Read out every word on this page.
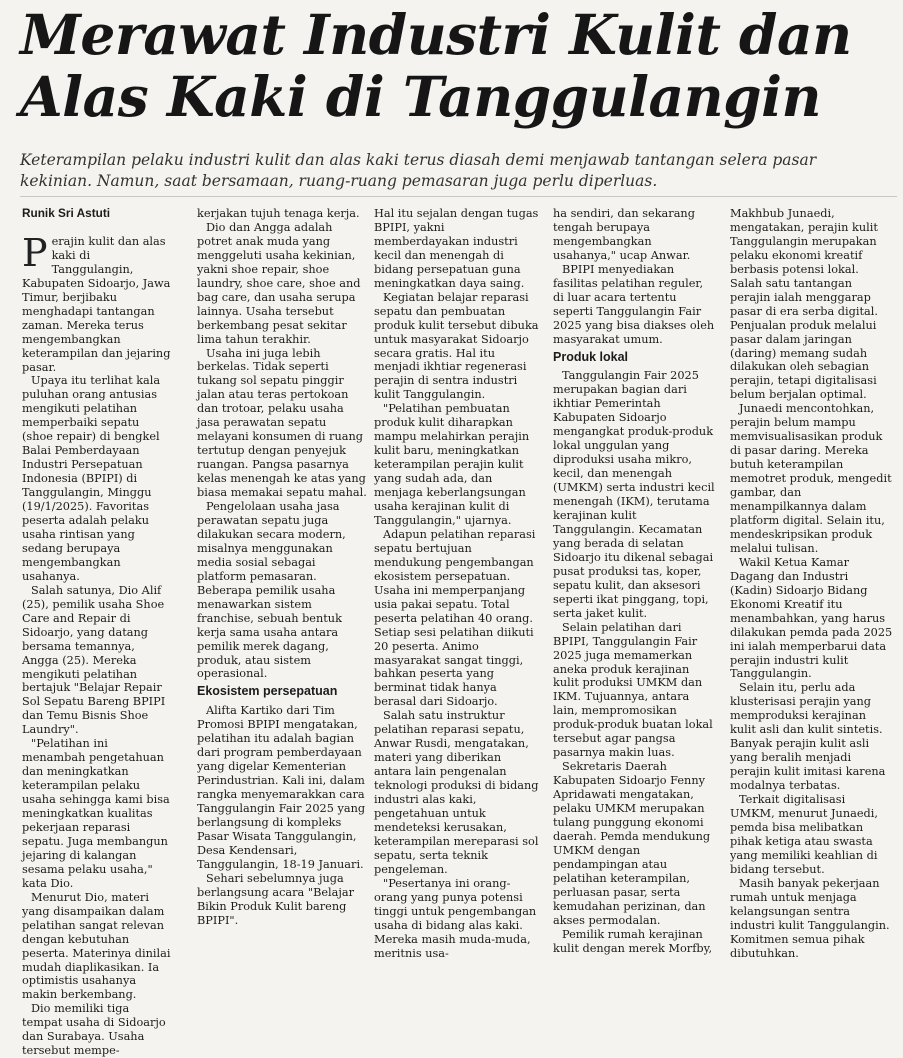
Merawat Industri Kulit dan
Alas Kaki di Tanggulangin

Keterampilan pelaku industri kulit dan alas kaki terus diasah demi menjawab tantangan selera pasar kekinian. Namun, saat bersamaan, ruang-ruang pemasaran juga perlu diperluas.

Runik Sri Astuti

Perajin kulit dan alas kaki di Tanggulangin, Kabupaten Sidoarjo, Jawa Timur, berjibaku menghadapi tantangan zaman. Mereka terus mengembangkan keterampilan dan jejaring pasar.

Upaya itu terlihat kala puluhan orang antusias mengikuti pelatihan memperbaiki sepatu (shoe repair) di bengkel Balai Pemberdayaan Industri Persepatuan Indonesia (BPIPI) di Tanggulangin, Minggu (19/1/2025). Favoritas peserta adalah pelaku usaha rintisan yang sedang berupaya mengembangkan usahanya.

Salah satunya, Dio Alif (25), pemilik usaha Shoe Care and Repair di Sidoarjo, yang datang bersama temannya, Angga (25). Mereka mengikuti pelatihan bertajuk "Belajar Repair Sol Sepatu Bareng BPIPI dan Temu Bisnis Shoe Laundry".

"Pelatihan ini menambah pengetahuan dan meningkatkan keterampilan pelaku usaha sehingga kami bisa meningkatkan kualitas pekerjaan reparasi sepatu. Juga membangun jejaring di kalangan sesama pelaku usaha," kata Dio.

Menurut Dio, materi yang disampaikan dalam pelatihan sangat relevan dengan kebutuhan peserta. Materinya dinilai mudah diaplikasikan. Ia optimistis usahanya makin berkembang.

Dio memiliki tiga tempat usaha di Sidoarjo dan Surabaya. Usaha tersebut mempe-

kerjakan tujuh tenaga kerja.

Dio dan Angga adalah potret anak muda yang menggeluti usaha kekinian, yakni shoe repair, shoe laundry, shoe care, shoe and bag care, dan usaha serupa lainnya. Usaha tersebut berkembang pesat sekitar lima tahun terakhir.

Usaha ini juga lebih berkelas. Tidak seperti tukang sol sepatu pinggir jalan atau teras pertokoan dan trotoar, pelaku usaha jasa perawatan sepatu melayani konsumen di ruang tertutup dengan penyejuk ruangan. Pangsa pasarnya kelas menengah ke atas yang biasa memakai sepatu mahal.

Pengelolaan usaha jasa perawatan sepatu juga dilakukan secara modern, misalnya menggunakan media sosial sebagai platform pemasaran. Beberapa pemilik usaha menawarkan sistem franchise, sebuah bentuk kerja sama usaha antara pemilik merek dagang, produk, atau sistem operasional.

Ekosistem persepatuan

Alifta Kartiko dari Tim Promosi BPIPI mengatakan, pelatihan itu adalah bagian dari program pemberdayaan yang digelar Kementerian Perindustrian. Kali ini, dalam rangka menyemarakkan cara Tanggulangin Fair 2025 yang berlangsung di kompleks Pasar Wisata Tanggulangin, Desa Kendensari, Tanggulangin, 18-19 Januari.

Sehari sebelumnya juga berlangsung acara "Belajar Bikin Produk Kulit bareng BPIPI".

Hal itu sejalan dengan tugas BPIPI, yakni memberdayakan industri kecil dan menengah di bidang persepatuan guna meningkatkan daya saing.

Kegiatan belajar reparasi sepatu dan pembuatan produk kulit tersebut dibuka untuk masyarakat Sidoarjo secara gratis. Hal itu menjadi ikhtiar regenerasi perajin di sentra industri kulit Tanggulangin.

"Pelatihan pembuatan produk kulit diharapkan mampu melahirkan perajin kulit baru, meningkatkan keterampilan perajin kulit yang sudah ada, dan menjaga keberlangsungan usaha kerajinan kulit di Tanggulangin," ujarnya.

Adapun pelatihan reparasi sepatu bertujuan mendukung pengembangan ekosistem persepatuan. Usaha ini memperpanjang usia pakai sepatu. Total peserta pelatihan 40 orang. Setiap sesi pelatihan diikuti 20 peserta. Animo masyarakat sangat tinggi, bahkan peserta yang berminat tidak hanya berasal dari Sidoarjo.

Salah satu instruktur pelatihan reparasi sepatu, Anwar Rusdi, mengatakan, materi yang diberikan antara lain pengenalan teknologi produksi di bidang industri alas kaki, pengetahuan untuk mendeteksi kerusakan, keterampilan mereparasi sol sepatu, serta teknik pengeleman.

"Pesertanya ini orang-orang yang punya potensi tinggi untuk pengembangan usaha di bidang alas kaki. Mereka masih muda-muda, meritnis usa-

ha sendiri, dan sekarang tengah berupaya mengembangkan usahanya," ucap Anwar.

BPIPI menyediakan fasilitas pelatihan reguler, di luar acara tertentu seperti Tanggulangin Fair 2025 yang bisa diakses oleh masyarakat umum.

Produk lokal

Tanggulangin Fair 2025 merupakan bagian dari ikhtiar Pemerintah Kabupaten Sidoarjo mengangkat produk-produk lokal unggulan yang diproduksi usaha mikro, kecil, dan menengah (UMKM) serta industri kecil menengah (IKM), terutama kerajinan kulit Tanggulangin. Kecamatan yang berada di selatan Sidoarjo itu dikenal sebagai pusat produksi tas, koper, sepatu kulit, dan aksesori seperti ikat pinggang, topi, serta jaket kulit.

Selain pelatihan dari BPIPI, Tanggulangin Fair 2025 juga memamerkan aneka produk kerajinan kulit produksi UMKM dan IKM. Tujuannya, antara lain, mempromosikan produk-produk buatan lokal tersebut agar pangsa pasarnya makin luas.

Sekretaris Daerah Kabupaten Sidoarjo Fenny Apridawati mengatakan, pelaku UMKM merupakan tulang punggung ekonomi daerah. Pemda mendukung UMKM dengan pendampingan atau pelatihan keterampilan, perluasan pasar, serta kemudahan perizinan, dan akses permodalan.

Pemilik rumah kerajinan kulit dengan merek Morfby,

Makhbub Junaedi, mengatakan, perajin kulit Tanggulangin merupakan pelaku ekonomi kreatif berbasis potensi lokal. Salah satu tantangan perajin ialah menggarap pasar di era serba digital. Penjualan produk melalui pasar dalam jaringan (daring) memang sudah dilakukan oleh sebagian perajin, tetapi digitalisasi belum berjalan optimal.

Junaedi mencontohkan, perajin belum mampu memvisualisasikan produk di pasar daring. Mereka butuh keterampilan memotret produk, mengedit gambar, dan menampilkannya dalam platform digital. Selain itu, mendeskripsikan produk melalui tulisan.

Wakil Ketua Kamar Dagang dan Industri (Kadin) Sidoarjo Bidang Ekonomi Kreatif itu menambahkan, yang harus dilakukan pemda pada 2025 ini ialah memperbarui data perajin industri kulit Tanggulangin.

Selain itu, perlu ada klusterisasi perajin yang memproduksi kerajinan kulit asli dan kulit sintetis. Banyak perajin kulit asli yang beralih menjadi perajin kulit imitasi karena modalnya terbatas.

Terkait digitalisasi UMKM, menurut Junaedi, pemda bisa melibatkan pihak ketiga atau swasta yang memiliki keahlian di bidang tersebut.

Masih banyak pekerjaan rumah untuk menjaga kelangsungan sentra industri kulit Tanggulangin. Komitmen semua pihak dibutuhkan.
